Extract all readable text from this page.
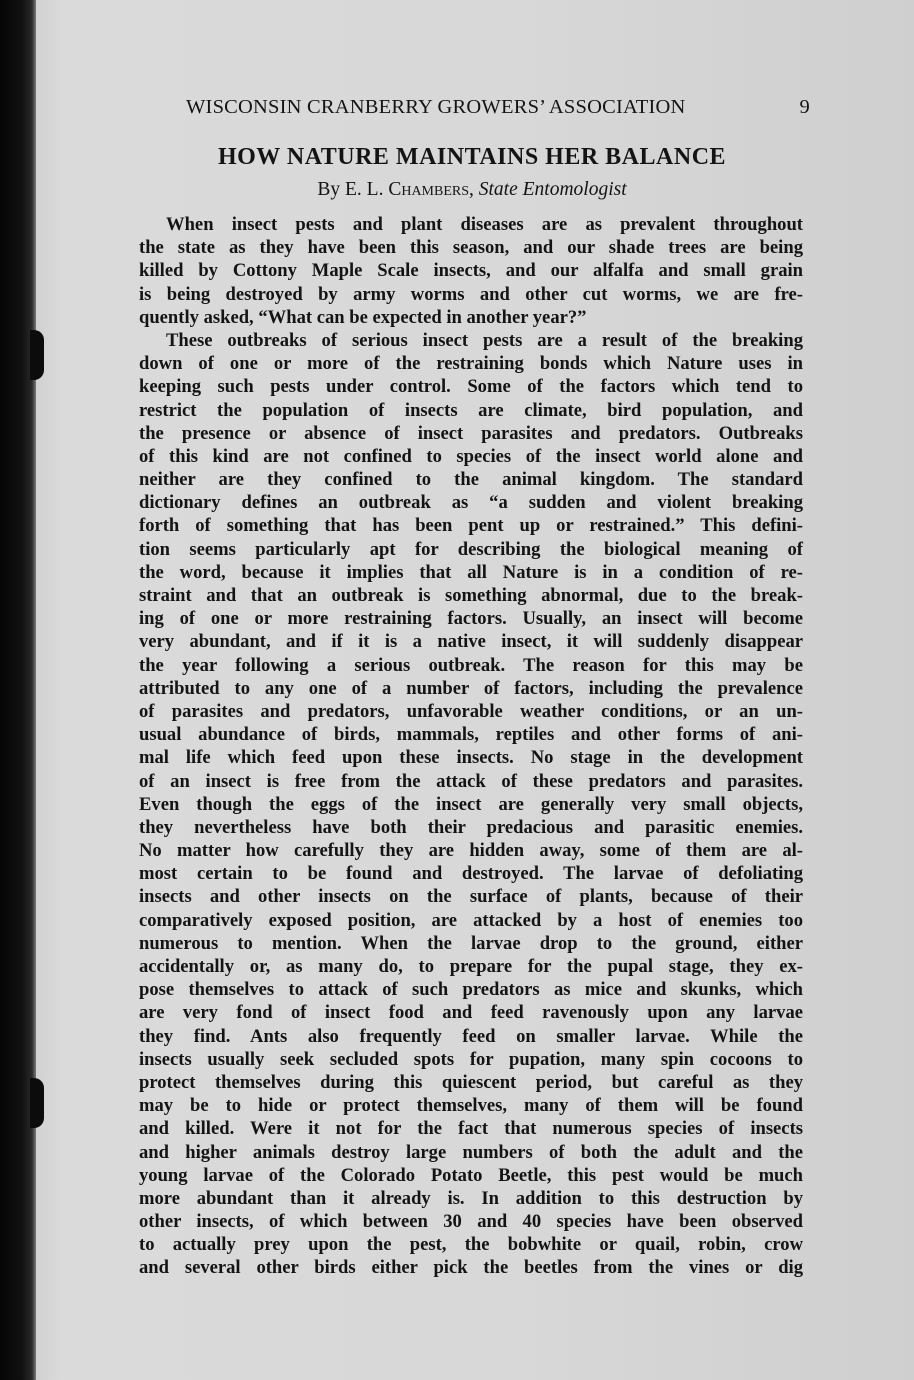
WISCONSIN CRANBERRY GROWERS’ ASSOCIATION	9
HOW NATURE MAINTAINS HER BALANCE
By E. L. Chambers, State Entomologist
When insect pests and plant diseases are as prevalent throughout
the state as they have been this season, and our shade trees are being
killed by Cottony Maple Scale insects, and our alfalfa and small grain
is being destroyed by army worms and other cut worms, we are fre-
quently asked, “What can be expected in another year?”
These outbreaks of serious insect pests are a result of the breaking
down of one or more of the restraining bonds which Nature uses in
keeping such pests under control. Some of the factors which tend to
restrict the population of insects are climate, bird population, and
the presence or absence of insect parasites and predators. Outbreaks
of this kind are not confined to species of the insect world alone and
neither are they confined to the animal kingdom. The standard
dictionary defines an outbreak as “a sudden and violent breaking
forth of something that has been pent up or restrained.” This defini-
tion seems particularly apt for describing the biological meaning of
the word, because it implies that all Nature is in a condition of re-
straint and that an outbreak is something abnormal, due to the break-
ing of one or more restraining factors. Usually, an insect will become
very abundant, and if it is a native insect, it will suddenly disappear
the year following a serious outbreak. The reason for this may be
attributed to any one of a number of factors, including the prevalence
of parasites and predators, unfavorable weather conditions, or an un-
usual abundance of birds, mammals, reptiles and other forms of ani-
mal life which feed upon these insects. No stage in the development
of an insect is free from the attack of these predators and parasites.
Even though the eggs of the insect are generally very small objects,
they nevertheless have both their predacious and parasitic enemies.
No matter how carefully they are hidden away, some of them are al-
most certain to be found and destroyed. The larvae of defoliating
insects and other insects on the surface of plants, because of their
comparatively exposed position, are attacked by a host of enemies too
numerous to mention. When the larvae drop to the ground, either
accidentally or, as many do, to prepare for the pupal stage, they ex-
pose themselves to attack of such predators as mice and skunks, which
are very fond of insect food and feed ravenously upon any larvae
they find. Ants also frequently feed on smaller larvae. While the
insects usually seek secluded spots for pupation, many spin cocoons to
protect themselves during this quiescent period, but careful as they
may be to hide or protect themselves, many of them will be found
and killed. Were it not for the fact that numerous species of insects
and higher animals destroy large numbers of both the adult and the
young larvae of the Colorado Potato Beetle, this pest would be much
more abundant than it already is. In addition to this destruction by
other insects, of which between 30 and 40 species have been observed
to actually prey upon the pest, the bobwhite or quail, robin, crow
and several other birds either pick the beetles from the vines or dig
